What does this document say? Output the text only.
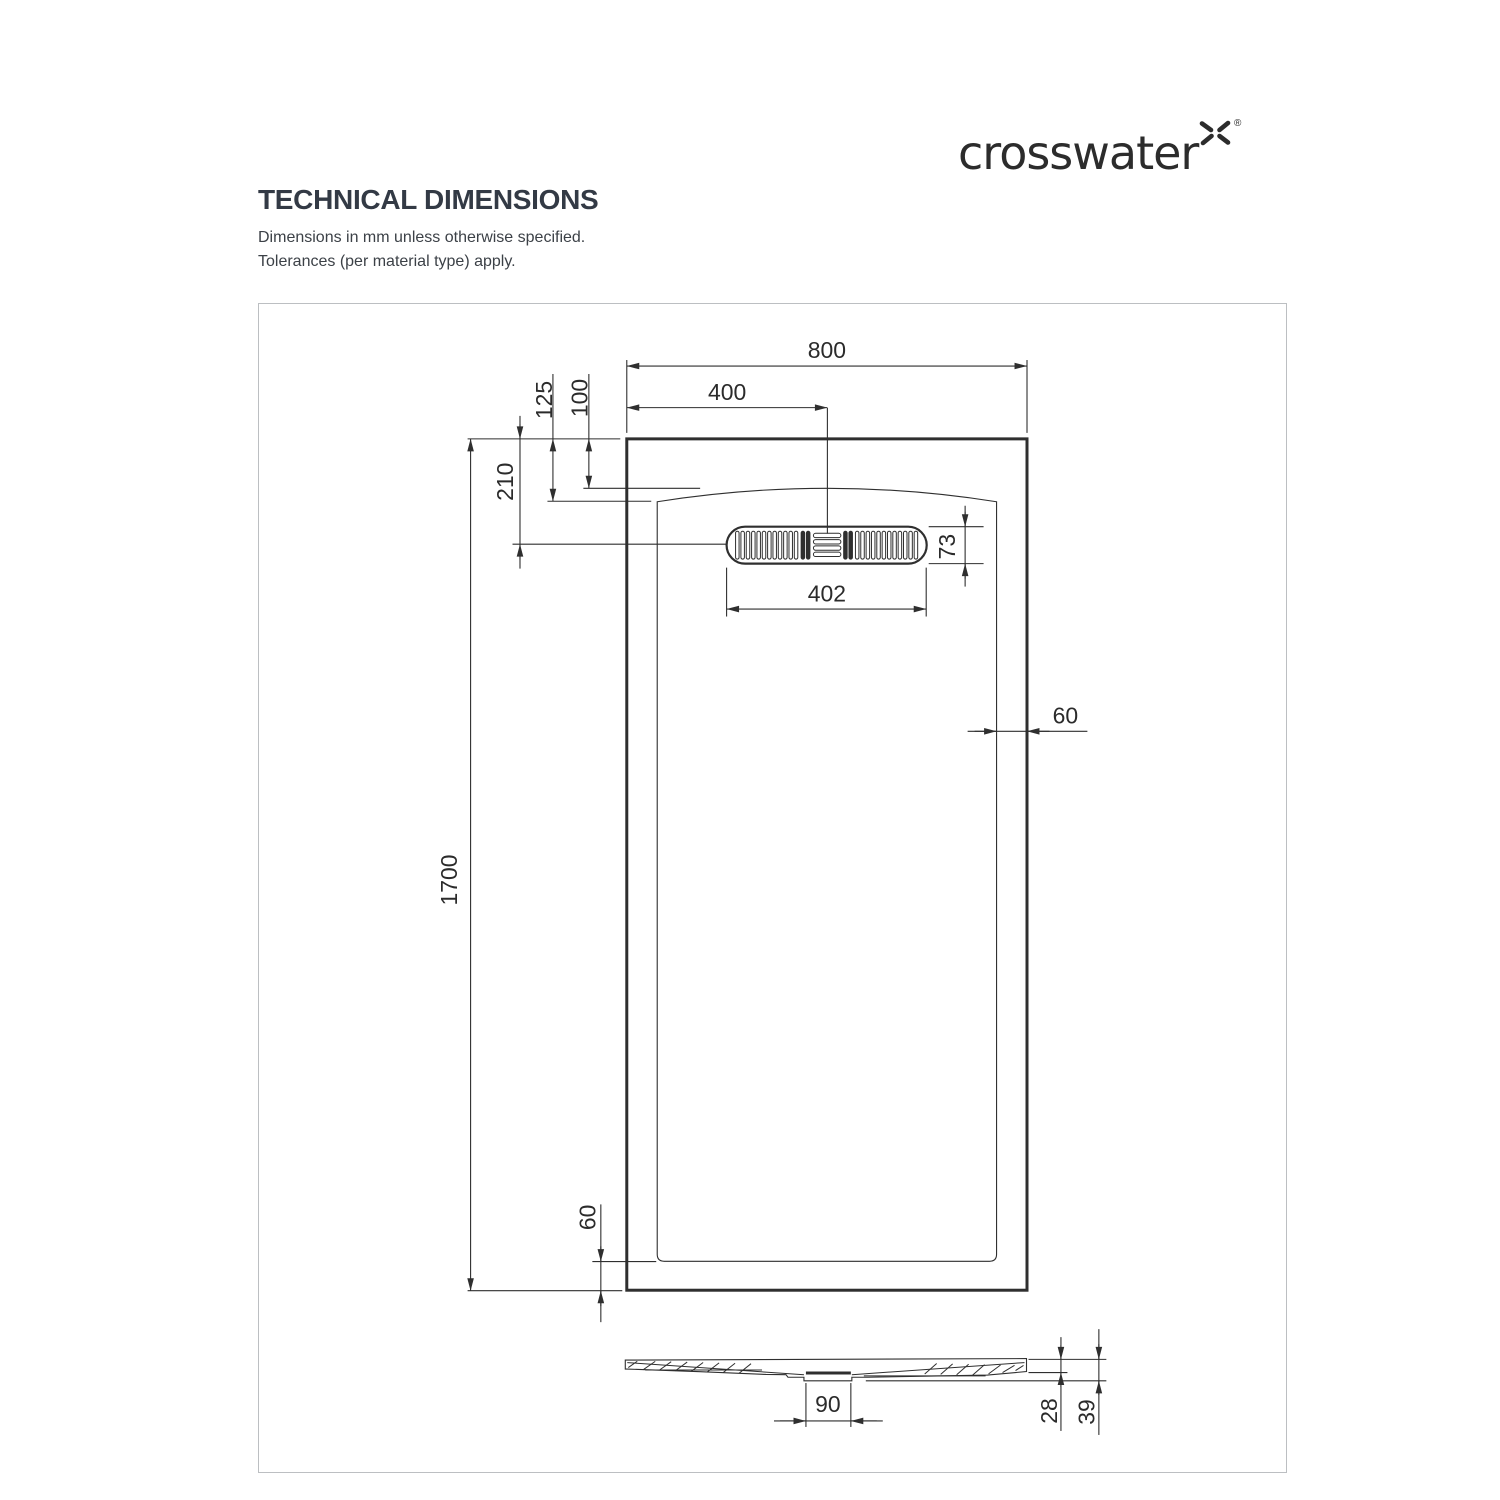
crosswater
®
TECHNICAL DIMENSIONS

Dimensions in mm unless otherwise specified.

Tolerances (per material type) apply.

800
400
125 100
210
73
402
60
1700
60
90	28 39
